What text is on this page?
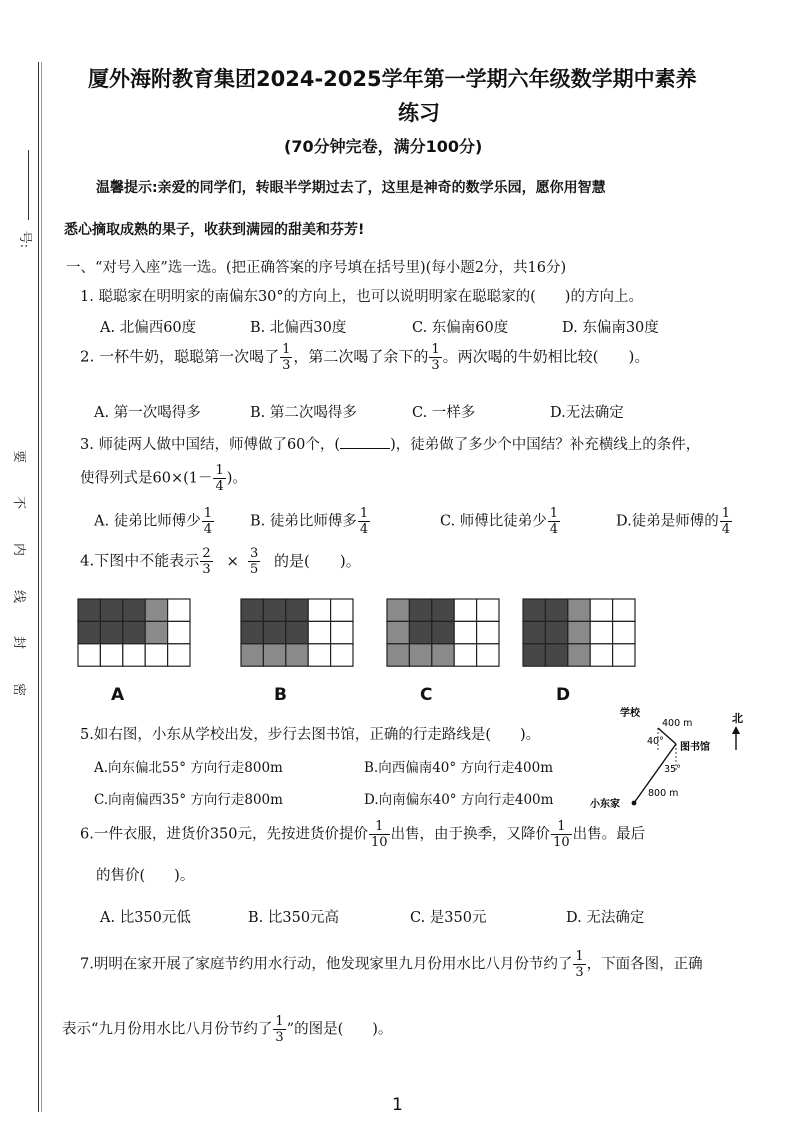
号:
要
不
内
线
封
密
厦外海附教育集团2024-2025学年第一学期六年级数学期中素养
练习
(70分钟完卷，满分100分)
温馨提示:亲爱的同学们，转眼半学期过去了，这里是神奇的数学乐园，愿你用智慧
悉心摘取成熟的果子，收获到满园的甜美和芬芳!
一、“对号入座”选一选。(把正确答案的序号填在括号里)(每小题2分，共16分)
1. 聪聪家在明明家的南偏东30°的方向上，也可以说明明家在聪聪家的(　　)的方向上。
A. 北偏西60度	B. 北偏西30度	C. 东偏南60度	D. 东偏南30度
2. 一杯牛奶，聪聪第一次喝了 $\frac{1}{3}$ ，第二次喝了余下的 $\frac{1}{3}$ 。两次喝的牛奶相比较(　　)。
A. 第一次喝得多	B. 第二次喝得多	C. 一样多	D.无法确定
3. 师徒两人做中国结，师傅做了60个，(	)，徒弟做了多少个中国结？补充横线上的条件，
使得列式是$60\times(1- \frac{1}{4}$ )。
A. 徒弟比师傅少 $\frac{1}{4} B$. 徒弟比师傅多 $\frac{1}{4}$	C. 师傅比徒弟少 $\frac{1}{4}$	D.徒弟是师傅的 $\frac{1}{4}$
4.下图中不能表示 $\frac{2}{3} \times \frac{3}{5}$ 的是(　　)。
A	B	C	D
5.如右图，小东从学校出发，步行去图书馆，正确的行走路线是(　　)。
A.向东偏北55° 方向行走800m	B.向西偏南40° 方向行走400m
C.向南偏西35° 方向行走800m	D.向南偏东40° 方向行走400m
学校
400 m
40°
图书馆
35°
800 m
小东家
北
6.一件衣服，进货价350元，先按进货价提价 $\frac{1}{10}$ 出售，由于换季，又降价 $\frac{1}{10}$ 出售。最后
的售价(　　)。
A. 比350元低	B. 比350元高	C. 是350元	D. 无法确定
7.明明在家开展了家庭节约用水行动，他发现家里九月份用水比八月份节约了 $\frac{1}{3}$ ，下面各图，正确
表示“九月份用水比八月份节约了 $\frac{1}{3}$ ”的图是(　　)。
1
